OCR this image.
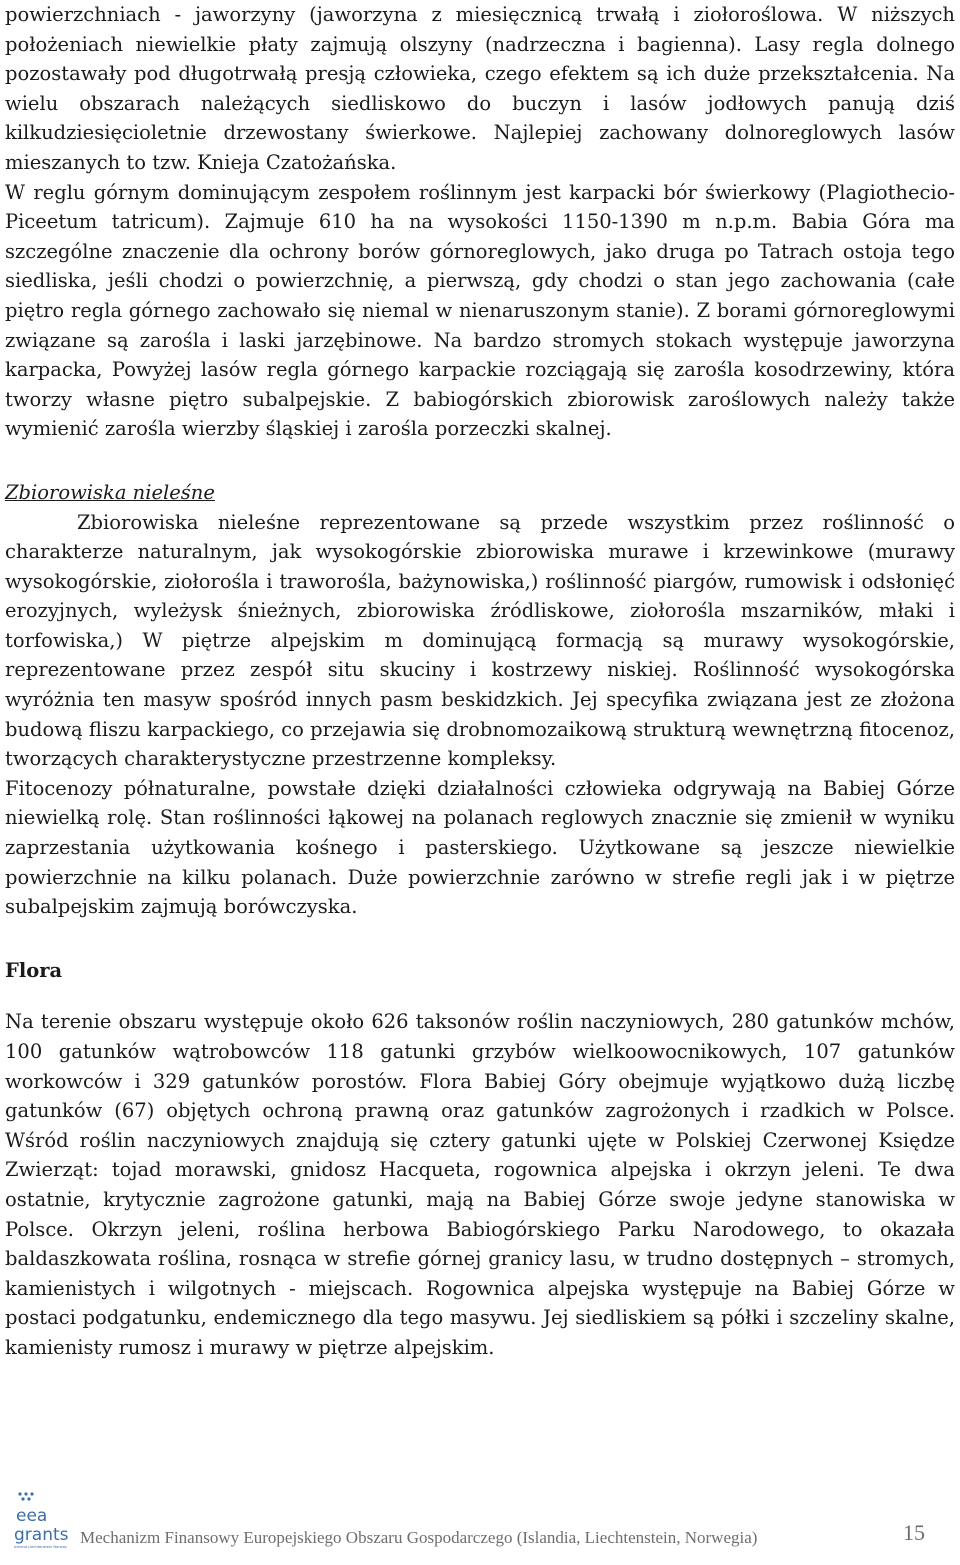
powierzchniach - jaworzyny (jaworzyna z miesięcznicą trwałą i ziołoroślowa. W niższych położeniach niewielkie płaty zajmują olszyny (nadrzeczna i bagienna). Lasy regla dolnego pozostawały pod długotrwałą presją człowieka, czego efektem są ich duże przekształcenia. Na wielu obszarach należących siedliskowo do buczyn i lasów jodłowych panują dziś kilkudziesięcioletnie drzewostany świerkowe. Najlepiej zachowany dolnoreglowych lasów mieszanych to tzw. Knieja Czatożańska.

W reglu górnym dominującym zespołem roślinnym jest karpacki bór świerkowy (Plagiothecio-Piceetum tatricum). Zajmuje 610 ha na wysokości 1150-1390 m n.p.m. Babia Góra ma szczególne znaczenie dla ochrony borów górnoreglowych, jako druga po Tatrach ostoja tego siedliska, jeśli chodzi o powierzchnię, a pierwszą, gdy chodzi o stan jego zachowania (całe piętro regla górnego zachowało się niemal w nienaruszonym stanie). Z borami górnoreglowymi związane są zarośla i laski jarzębinowe. Na bardzo stromych stokach występuje jaworzyna karpacka, Powyżej lasów regla górnego karpackie rozciągają się zarośla kosodrzewiny, która tworzy własne piętro subalpejskie. Z babiogórskich zbiorowisk zaroślowych należy także wymienić zarośla wierzby śląskiej i zarośla porzeczki skalnej.

Zbiorowiska nieleśne

Zbiorowiska nieleśne reprezentowane są przede wszystkim przez roślinność o charakterze naturalnym, jak wysokogórskie zbiorowiska murawe i krzewinkowe (murawy wysokogórskie, ziołorośla i traworośla, bażynowiska,) roślinność piargów, rumowisk i odsłonięć erozyjnych, wyleżysk śnieżnych, zbiorowiska źródliskowe, ziołorośla mszarników, młaki i torfowiska,) W piętrze alpejskim m dominującą formacją są murawy wysokogórskie, reprezentowane przez zespół situ skuciny i kostrzewy niskiej. Roślinność wysokogórska wyróżnia ten masyw spośród innych pasm beskidzkich. Jej specyfika związana jest ze złożona budową fliszu karpackiego, co przejawia się drobnomozaikową strukturą wewnętrzną fitocenoz, tworzących charakterystyczne przestrzenne kompleksy.

Fitocenozy półnaturalne, powstałe dzięki działalności człowieka odgrywają na Babiej Górze niewielką rolę. Stan roślinności łąkowej na polanach reglowych znacznie się zmienił w wyniku zaprzestania użytkowania kośnego i pasterskiego. Użytkowane są jeszcze niewielkie powierzchnie na kilku polanach. Duże powierzchnie zarówno w strefie regli jak i w piętrze subalpejskim zajmują borówczyska.

Flora

Na terenie obszaru występuje około 626 taksonów roślin naczyniowych, 280 gatunków mchów, 100 gatunków wątrobowców 118 gatunki grzybów wielkoowocnikowych, 107 gatunków workowców i 329 gatunków porostów. Flora Babiej Góry obejmuje wyjątkowo dużą liczbę gatunków (67) objętych ochroną prawną oraz gatunków zagrożonych i rzadkich w Polsce. Wśród roślin naczyniowych znajdują się cztery gatunki ujęte w Polskiej Czerwonej Księdze Zwierząt: tojad morawski, gnidosz Hacqueta, rogownica alpejska i okrzyn jeleni. Te dwa ostatnie, krytycznie zagrożone gatunki, mają na Babiej Górze swoje jedyne stanowiska w Polsce. Okrzyn jeleni, roślina herbowa Babiogórskiego Parku Narodowego, to okazała baldaszkowata roślina, rosnąca w strefie górnej granicy lasu, w trudno dostępnych – stromych, kamienistych i wilgotnych - miejscach. Rogownica alpejska występuje na Babiej Górze w postaci podgatunku, endemicznego dla tego masywu. Jej siedliskiem są półki i szczeliny skalne, kamienisty rumosz i murawy w piętrze alpejskim.

eea
grants
Iceland Liechtenstein Norway Mechanizm Finansowy Europejskiego Obszaru Gospodarczego (Islandia, Liechtenstein, Norwegia)	15
